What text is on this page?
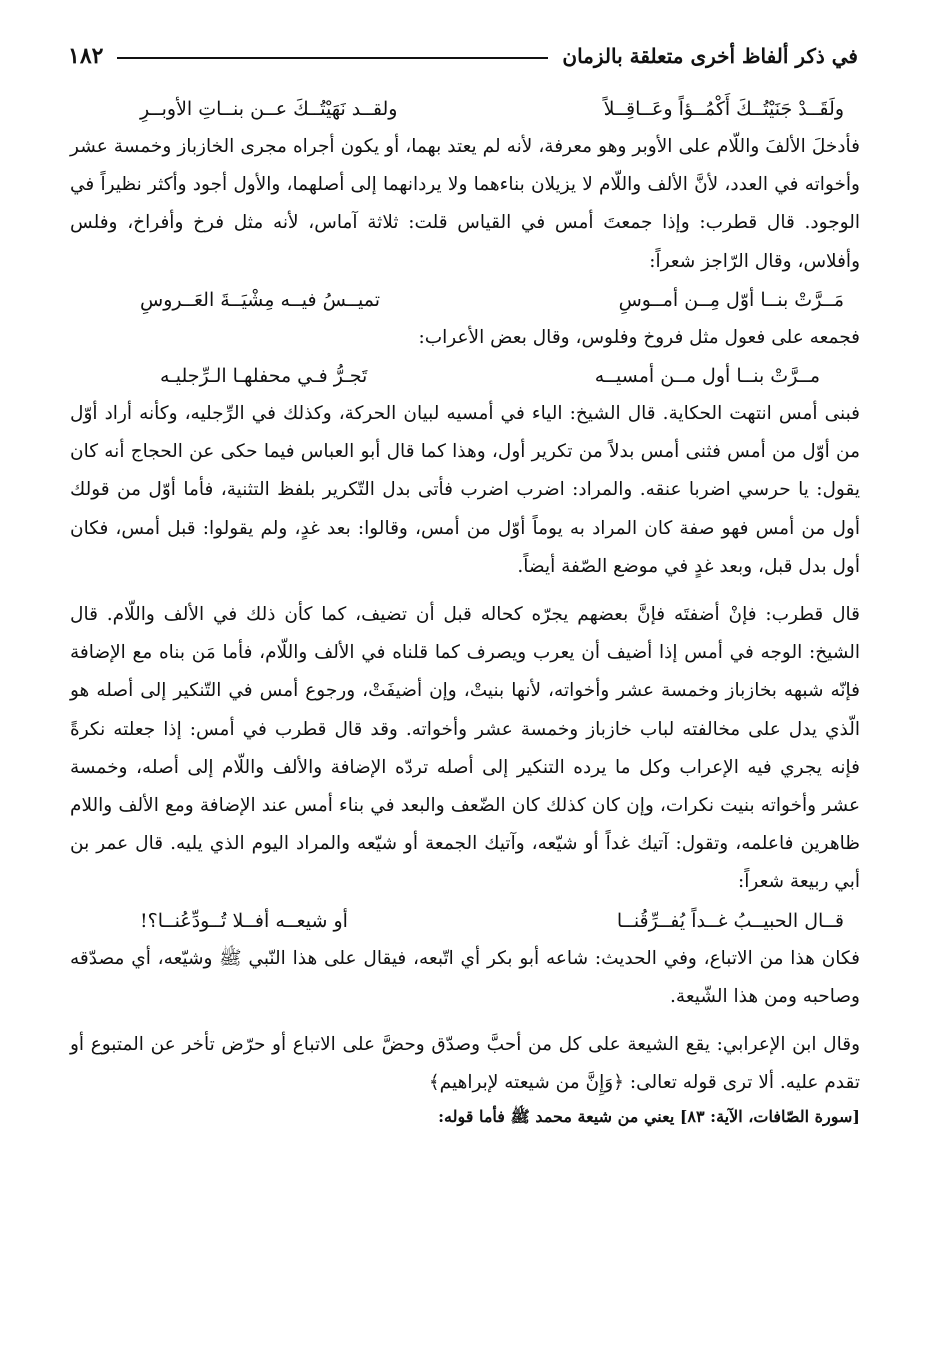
١٨٢	في ذكر ألفاظ أخرى متعلقة بالزمان
ولَقَــدْ جَنَيْتُــكَ أَكْمُــؤاً وعَــاقِــلاً
ولقــد نَهَيْتُــكَ عــن بنــاتِ الأوبــرِ

فأدخلَ الألفَ واللّام على الأوبر وهو معرفة، لأنه لم يعتد بهما، أو يكون أجراه مجرى الخازباز وخمسة عشر وأخواته في العدد، لأنَّ الألف واللّام لا يزيلان بناءهما ولا يردانهما إلى أصلهما، والأول أجود وأكثر نظيراً في الوجود. قال قطرب: وإذا جمعتَ أمس في القياس قلت: ثلاثة آماس، لأنه مثل فرخ وأفراخ، وفلس وأفلاس، وقال الرّاجز شعراً:

مَــرَّتْ بنــا أوّل مِــن أمــوسِ
تميــسُ فيــه مِشْيَــةَ العَــروسِ

فجمعه على فعول مثل فروخ وفلوس، وقال بعض الأعراب:

مــرَّتْ بنــا أول مــن أمسيــه
تَجـرُّ فـي محفلهـا الـرِّجليـه

فبنى أمس انتهت الحكاية. قال الشيخ: الياء في أمسيه لبيان الحركة، وكذلك في الرِّجليه، وكأنه أراد أوّل من أوّل من أمس فثنى أمس بدلاً من تكرير أول، وهذا كما قال أبو العباس فيما حكى عن الحجاج أنه كان يقول: يا حرسي اضربا عنقه. والمراد: اضرب اضرب فأتى بدل التّكرير بلفظ التثنية، فأما أوّل من قولك أول من أمس فهو صفة كان المراد به يوماً أوّل من أمس، وقالوا: بعد غدٍ، ولم يقولوا: قبل أمس، فكان أول بدل قبل، وبعد غدٍ في موضع الصّفة أيضاً.

قال قطرب: فإنْ أضفتَه فإنَّ بعضهم يجرّه كحاله قبل أن تضيف، كما كأن ذلك في الألف واللّام. قال الشيخ: الوجه في أمس إذا أضيف أن يعرب ويصرف كما قلناه في الألف واللّام، فأما مَن بناه مع الإضافة فإنّه شبهه بخازباز وخمسة عشر وأخواته، لأنها بنيتْ، وإن أضيفَتْ، ورجوع أمس في التّنكير إلى أصله هو الّذي يدل على مخالفته لباب خازباز وخمسة عشر وأخواته. وقد قال قطرب في أمس: إذا جعلته نكرةً فإنه يجري فيه الإعراب وكل ما يرده التنكير إلى أصله تردّه الإضافة والألف واللّام إلى أصله، وخمسة عشر وأخواته بنيت نكرات، وإن كان كذلك كان الضّعف والبعد في بناء أمس عند الإضافة ومع الألف واللام ظاهرين فاعلمه، وتقول: آتيك غداً أو شيّعه، وآتيك الجمعة أو شيّعه والمراد اليوم الذي يليه. قال عمر بن أبي ربيعة شعراً:

قــال الحبيــبُ غــداً يُفــرِّقُنــا
أو شيعــه أفــلا تُــودِّعُنــا؟!

فكان هذا من الاتباع، وفي الحديث: شاعه أبو بكر أي اتّبعه، فيقال على هذا النّبي ﷺ وشيّعه، أي مصدّقه وصاحبه ومن هذا الشّيعة.

وقال ابن الإعرابي: يقع الشيعة على كل من أحبَّ وصدّق وحضَّ على الاتباع أو حرّض تأخر عن المتبوع أو تقدم عليه. ألا ترى قوله تعالى: ﴿وَإِنَّ من شيعته لإبراهيم﴾

[سورة الصّافات، الآية: ٨٣] يعني من شيعة محمد ﷺ فأما قوله:
